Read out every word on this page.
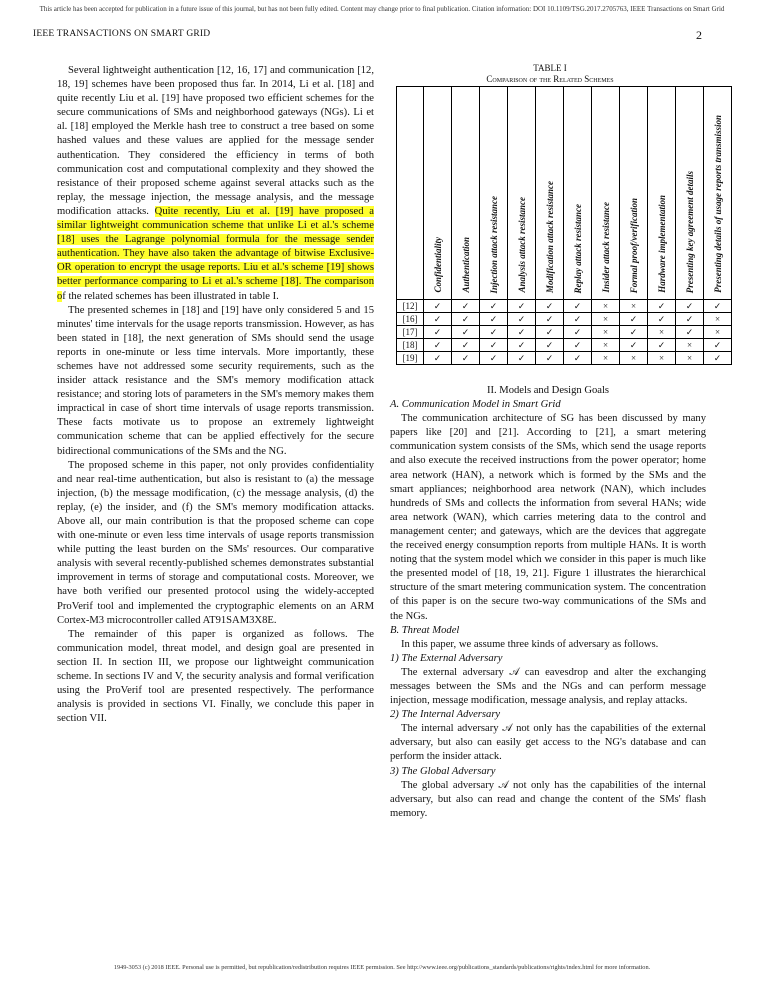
This article has been accepted for publication in a future issue of this journal, but has not been fully edited. Content may change prior to final publication. Citation information: DOI 10.1109/TSG.2017.2705763, IEEE Transactions on Smart Grid
IEEE TRANSACTIONS ON SMART GRID	2

Several lightweight authentication [12, 16, 17] and communication [12, 18, 19] schemes have been proposed thus far. In 2014, Li et al. [18] and quite recently Liu et al. [19] have proposed two efficient schemes for the secure communications of SMs and neighborhood gateways (NGs). Li et al. [18] employed the Merkle hash tree to construct a tree based on some hashed values and these values are applied for the message sender authentication. They considered the efficiency in terms of both communication cost and computational complexity and they showed the resistance of their proposed scheme against several attacks such as the replay, the message injection, the message analysis, and the message modification attacks. Quite recently, Liu et al. [19] have proposed a similar lightweight communication scheme that unlike Li et al.'s scheme [18] uses the Lagrange polynomial formula for the message sender authentication. They have also taken the advantage of bitwise Exclusive-OR operation to encrypt the usage reports. Liu et al.'s scheme [19] shows better performance comparing to Li et al.'s scheme [18]. The comparison of the related schemes has been illustrated in table I.

The presented schemes in [18] and [19] have only considered 5 and 15 minutes' time intervals for the usage reports transmission. However, as has been stated in [18], the next generation of SMs should send the usage reports in one-minute or less time intervals. More importantly, these schemes have not addressed some security requirements, such as the insider attack resistance and the SM's memory modification attack resistance; and storing lots of parameters in the SM's memory makes them impractical in case of short time intervals of usage reports transmission. These facts motivate us to propose an extremely lightweight communication scheme that can be applied effectively for the secure bidirectional communications of the SMs and the NG.

The proposed scheme in this paper, not only provides confidentiality and near real-time authentication, but also is resistant to (a) the message injection, (b) the message modification, (c) the message analysis, (d) the replay, (e) the insider, and (f) the SM's memory modification attacks. Above all, our main contribution is that the proposed scheme can cope with one-minute or even less time intervals of usage reports transmission while putting the least burden on the SMs' resources. Our comparative analysis with several recently-published schemes demonstrates substantial improvement in terms of storage and computational costs. Moreover, we have both verified our presented protocol using the widely-accepted ProVerif tool and implemented the cryptographic elements on an ARM Cortex-M3 microcontroller called AT91SAM3X8E.

The remainder of this paper is organized as follows. The communication model, threat model, and design goal are presented in section II. In section III, we propose our lightweight communication scheme. In sections IV and V, the security analysis and formal verification using the ProVerif tool are presented respectively. The performance analysis is provided in sections VI. Finally, we conclude this paper in section VII.

TABLE I
Comparison of the Related Schemes

	Confidentiality	Authentication	Injection attack resistance	Analysis attack resistance	Modification attack resistance	Replay attack resistance	Insider attack resistance	Formal proof/verification	Hardware implementation	Presenting key agreement details	Presenting details of usage reports transmission

[12]	✓	✓	✓	✓	✓	✓	×	×	✓	✓	✓
[16]	✓	✓	✓	✓	✓	✓	×	✓	✓	✓	×
[17]	✓	✓	✓	✓	✓	✓	×	✓	×	✓	×
[18]	✓	✓	✓	✓	✓	✓	×	✓	✓	×	✓
[19]	✓	✓	✓	✓	✓	✓	×	×	×	×	✓

II. Models and Design Goals

A. Communication Model in Smart Grid

The communication architecture of SG has been discussed by many papers like [20] and [21]. According to [21], a smart metering communication system consists of the SMs, which send the usage reports and also execute the received instructions from the power operator; home area network (HAN), a network which is formed by the SMs and the smart appliances; neighborhood area network (NAN), which includes hundreds of SMs and collects the information from several HANs; wide area network (WAN), which carries metering data to the control and management center; and gateways, which are the devices that aggregate the received energy consumption reports from multiple HANs. It is worth noting that the system model which we consider in this paper is much like the presented model of [18, 19, 21]. Figure 1 illustrates the hierarchical structure of the smart metering communication system. The concentration of this paper is on the secure two-way communications of the SMs and the NGs.

B. Threat Model

In this paper, we assume three kinds of adversary as follows.

1) The External Adversary

The external adversary 𝒜 can eavesdrop and alter the exchanging messages between the SMs and the NGs and can perform message injection, message modification, message analysis, and replay attacks.

2) The Internal Adversary

The internal adversary 𝒜 not only has the capabilities of the external adversary, but also can easily get access to the NG's database and can perform the insider attack.

3) The Global Adversary

The global adversary 𝒜 not only has the capabilities of the internal adversary, but also can read and change the content of the SMs' flash memory.

1949-3053 (c) 2018 IEEE. Personal use is permitted, but republication/redistribution requires IEEE permission. See http://www.ieee.org/publications_standards/publications/rights/index.html for more information.
